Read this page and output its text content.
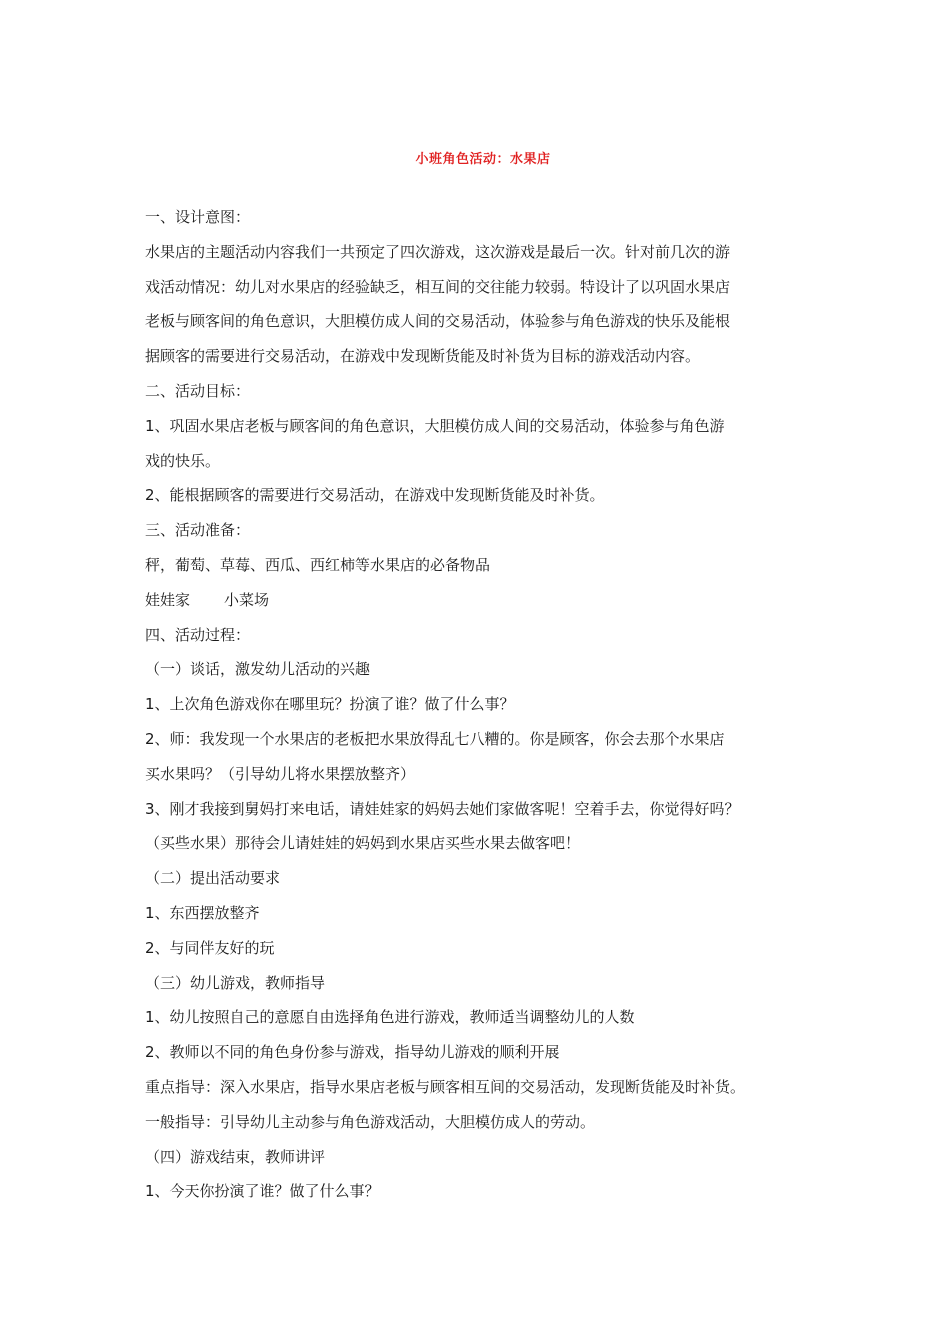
小班角色活动：水果店
一、设计意图：
水果店的主题活动内容我们一共预定了四次游戏，这次游戏是最后一次。针对前几次的游
戏活动情况：幼儿对水果店的经验缺乏，相互间的交往能力较弱。特设计了以巩固水果店
老板与顾客间的角色意识，大胆模仿成人间的交易活动，体验参与角色游戏的快乐及能根
据顾客的需要进行交易活动，在游戏中发现断货能及时补货为目标的游戏活动内容。
二、活动目标：
1、巩固水果店老板与顾客间的角色意识，大胆模仿成人间的交易活动，体验参与角色游
戏的快乐。
2、能根据顾客的需要进行交易活动，在游戏中发现断货能及时补货。
三、活动准备：
秤，葡萄、草莓、西瓜、西红柿等水果店的必备物品
娃娃家 小菜场
四、活动过程：
（一）谈话，激发幼儿活动的兴趣
1、上次角色游戏你在哪里玩？扮演了谁？做了什么事？
2、师：我发现一个水果店的老板把水果放得乱七八糟的。你是顾客，你会去那个水果店
买水果吗？（引导幼儿将水果摆放整齐）
3、刚才我接到舅妈打来电话，请娃娃家的妈妈去她们家做客呢！空着手去，你觉得好吗？
（买些水果）那待会儿请娃娃的妈妈到水果店买些水果去做客吧！
（二）提出活动要求
1、东西摆放整齐
2、与同伴友好的玩
（三）幼儿游戏，教师指导
1、幼儿按照自己的意愿自由选择角色进行游戏，教师适当调整幼儿的人数
2、教师以不同的角色身份参与游戏，指导幼儿游戏的顺利开展
重点指导：深入水果店，指导水果店老板与顾客相互间的交易活动，发现断货能及时补货。
一般指导：引导幼儿主动参与角色游戏活动，大胆模仿成人的劳动。
（四）游戏结束，教师讲评
1、今天你扮演了谁？做了什么事？
